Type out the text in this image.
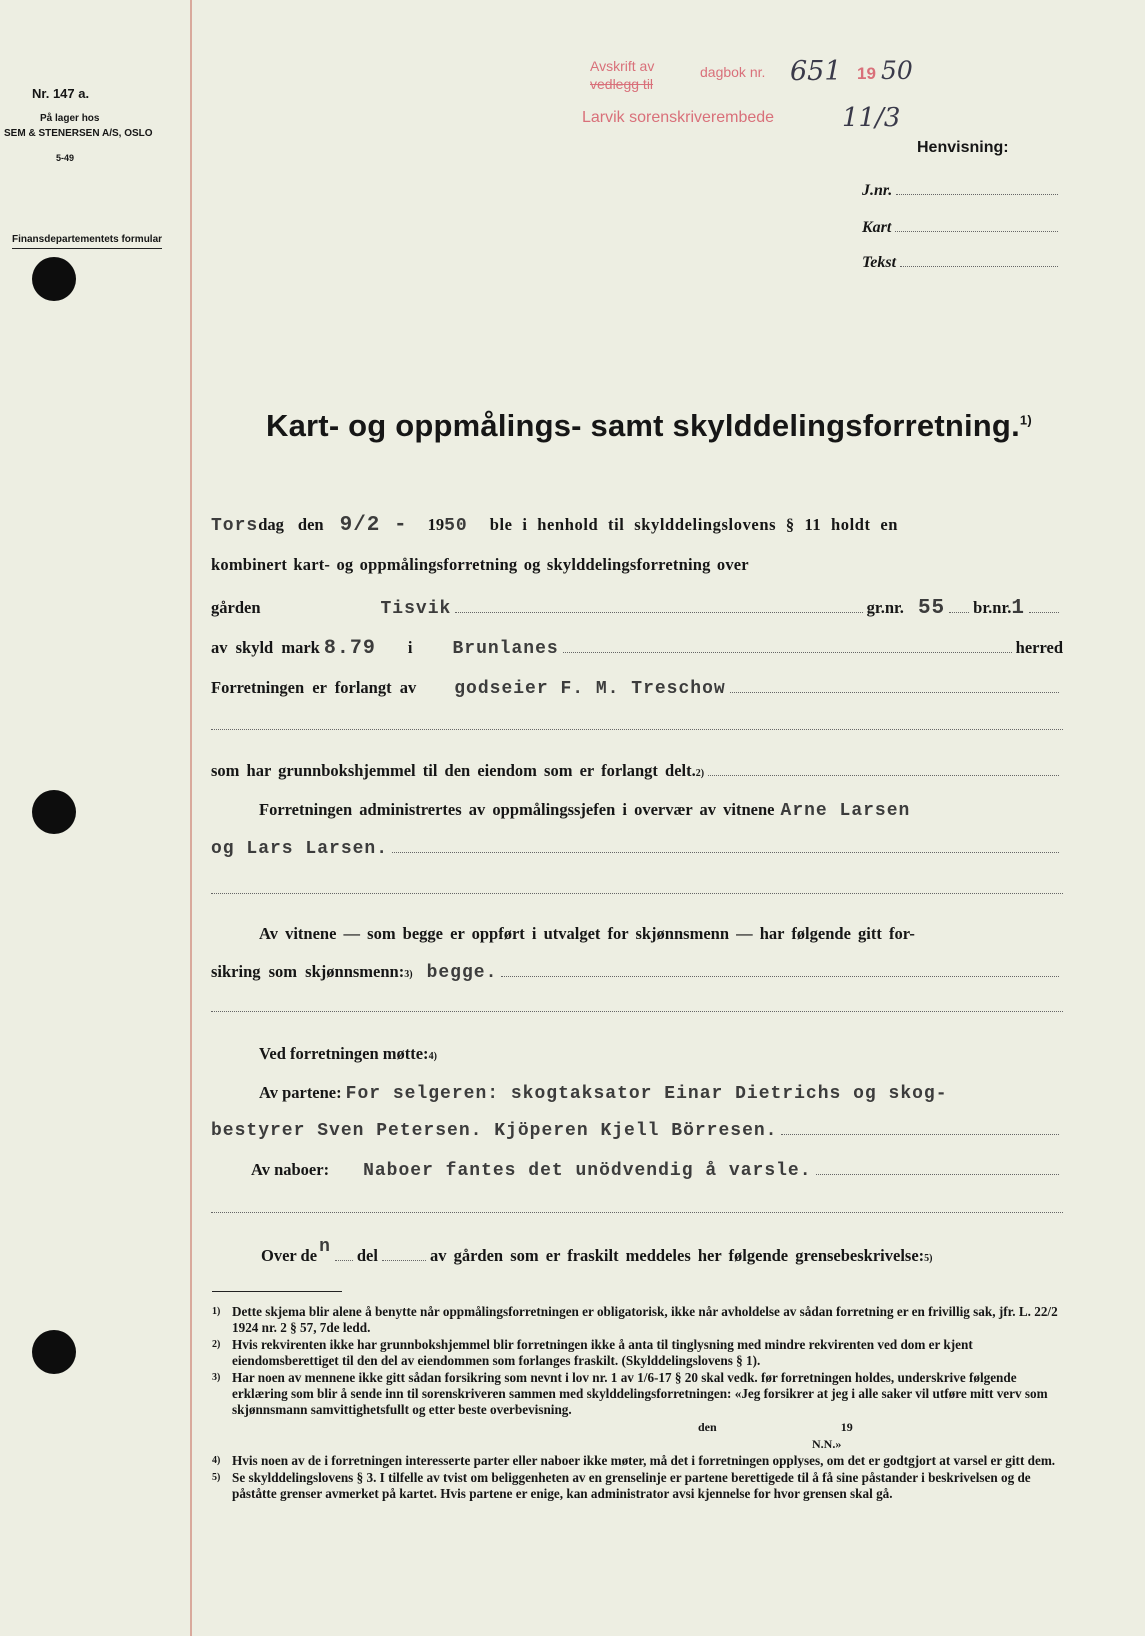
Nr. 147 a.
På lager hos
SEM & STENERSEN A/S, OSLO
5-49
Finansdepartementets formular
Avskrift av
vedlegg til
dagbok nr.
Larvik sorenskriverembede
651 19 50
11/3
Henvisning:
J.nr.
Kart
Tekst
Kart- og oppmålings- samt skylddelingsforretning.$^{1)}$
Tors dag den 9/2 - 19 50 ble i henhold til skylddelingslovens § 11 holdt en
kombinert kart- og oppmålingsforretning og skylddelingsforretning over
gården	Tisvik	gr.nr. 55 br.nr. 1
av skyld mark 8.79 i Brunlanes	herred
Forretningen er forlangt av godseier F. M. Treschow
som har grunnbokshjemmel til den eiendom som er forlangt delt. 2)
Forretningen administrertes av oppmålingssjefen i overvær av vitnene Arne Larsen
og Lars Larsen.
Av vitnene — som begge er oppført i utvalget for skjønnsmenn — har følgende gitt for-
sikring som skjønnsmenn: 3) begge.
Ved forretningen møtte: 4)
Av partene: For selgeren: skogtaksator Einar Dietrichs og skog-
bestyrer Sven Petersen. Kjöperen Kjell Börresen.
Av naboer: Naboer fantes det unödvendig å varsle.
Over de n del	av gården som er fraskilt meddeles her følgende grensebeskrivelse: 5)
1) Dette skjema blir alene å benytte når oppmålingsforretningen er obligatorisk, ikke når avholdelse av sådan forretning er en frivillig sak, jfr. L. 22/2 1924 nr. 2 § 57, 7de ledd.
2) Hvis rekvirenten ikke har grunnbokshjemmel blir forretningen ikke å anta til tinglysning med mindre rekvirenten ved dom er kjent eiendomsberettiget til den del av eiendommen som forlanges fraskilt. (Skylddelingslovens § 1).
3) Har noen av mennene ikke gitt sådan forsikring som nevnt i lov nr. 1 av 1/6-17 § 20 skal vedk. før forretningen holdes, underskrive følgende erklæring som blir å sende inn til sorenskriveren sammen med skylddelingsforretningen: «Jeg forsikrer at jeg i alle saker vil utføre mitt verv som skjønnsmann samvittighetsfullt og etter beste overbevisning.
den	19
N.N.»
4) Hvis noen av de i forretningen interesserte parter eller naboer ikke møter, må det i forretningen opplyses, om det er godtgjort at varsel er gitt dem.
5) Se skylddelingslovens § 3. I tilfelle av tvist om beliggenheten av en grenselinje er partene berettigede til å få sine påstander i beskrivelsen og de påståtte grenser avmerket på kartet. Hvis partene er enige, kan administrator avsi kjennelse for hvor grensen skal gå.
